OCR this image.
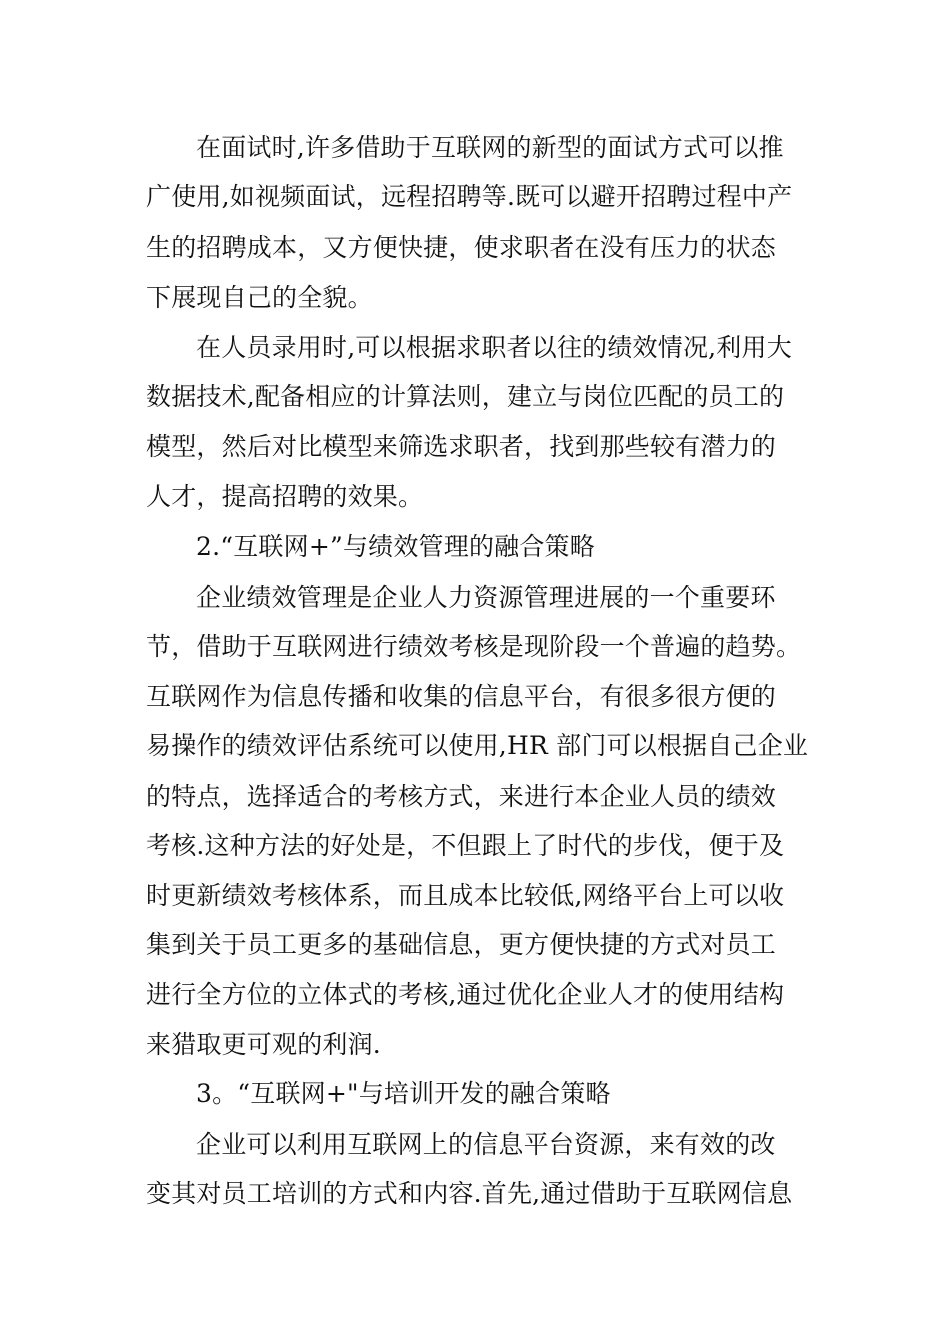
在面试时,许多借助于互联网的新型的面试方式可以推
广使用,如视频面试，远程招聘等.既可以避开招聘过程中产
生的招聘成本，又方便快捷，使求职者在没有压力的状态
下展现自己的全貌。
在人员录用时,可以根据求职者以往的绩效情况,利用大
数据技术,配备相应的计算法则，建立与岗位匹配的员工的
模型，然后对比模型来筛选求职者，找到那些较有潜力的
人才，提高招聘的效果。
2.“互联网+”与绩效管理的融合策略
企业绩效管理是企业人力资源管理进展的一个重要环
节，借助于互联网进行绩效考核是现阶段一个普遍的趋势。
互联网作为信息传播和收集的信息平台，有很多很方便的
易操作的绩效评估系统可以使用,HR 部门可以根据自己企业
的特点，选择适合的考核方式，来进行本企业人员的绩效
考核.这种方法的好处是，不但跟上了时代的步伐，便于及
时更新绩效考核体系，而且成本比较低,网络平台上可以收
集到关于员工更多的基础信息，更方便快捷的方式对员工
进行全方位的立体式的考核,通过优化企业人才的使用结构
来猎取更可观的利润.
3。“互联网+"与培训开发的融合策略
企业可以利用互联网上的信息平台资源，来有效的改
变其对员工培训的方式和内容.首先,通过借助于互联网信息
